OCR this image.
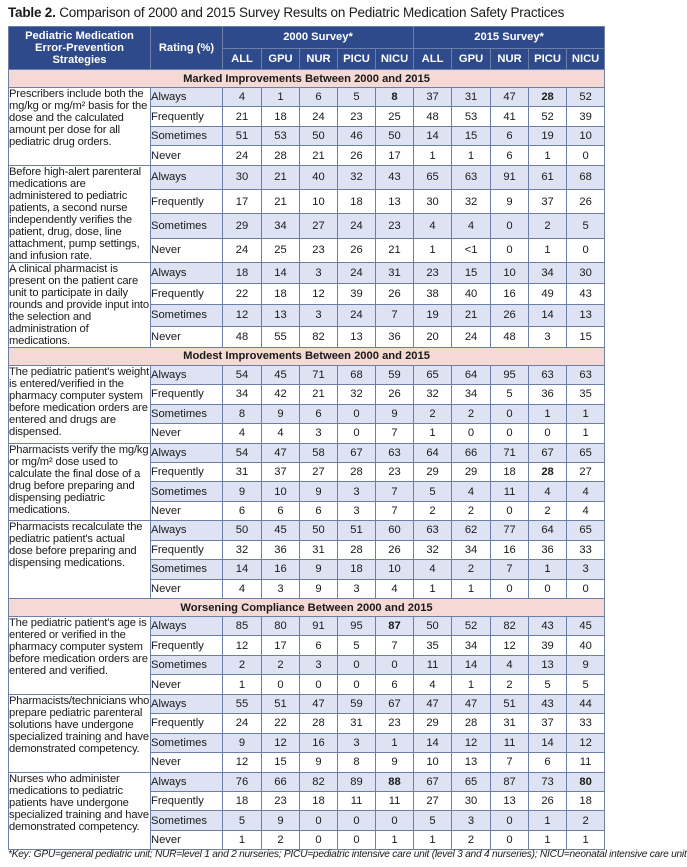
Table 2. Comparison of 2000 and 2015 Survey Results on Pediatric Medication Safety Practices
Pediatric Medication
Error-Prevention Strategies	Rating (%)	2000 Survey*					2015 Survey*				
		ALL	GPU	NUR	PICU	NICU	ALL	GPU	NUR	PICU	NICU
Marked Improvements Between 2000 and 2015											
Prescribers include both the mg/kg or mg/m² basis for the dose and the calculated amount per dose for all pediatric drug orders.	Always	4	1	6	5	8	37	31	47	28	52
	Frequently	21	18	24	23	25	48	53	41	52	39
	Sometimes	51	53	50	46	50	14	15	6	19	10
	Never	24	28	21	26	17	1	1	6	1	0
Before high-alert parenteral medications are administered to pediatric patients, a second nurse independently verifies the patient, drug, dose, line attachment, pump settings, and infusion rate.	Always	30	21	40	32	43	65	63	91	61	68
	Frequently	17	21	10	18	13	30	32	9	37	26
	Sometimes	29	34	27	24	23	4	4	0	2	5
	Never	24	25	23	26	21	1	<1	0	1	0
A clinical pharmacist is present on the patient care unit to participate in daily rounds and provide input into the selection and administration of medications.	Always	18	14	3	24	31	23	15	10	34	30
	Frequently	22	18	12	39	26	38	40	16	49	43
	Sometimes	12	13	3	24	7	19	21	26	14	13
	Never	48	55	82	13	36	20	24	48	3	15
Modest Improvements Between 2000 and 2015											
The pediatric patient's weight is entered/verified in the pharmacy computer system before medication orders are entered and drugs are dispensed.	Always	54	45	71	68	59	65	64	95	63	63
	Frequently	34	42	21	32	26	32	34	5	36	35
	Sometimes	8	9	6	0	9	2	2	0	1	1
	Never	4	4	3	0	7	1	0	0	0	1
Pharmacists verify the mg/kg or mg/m² dose used to calculate the final dose of a drug before preparing and dispensing pediatric medications.	Always	54	47	58	67	63	64	66	71	67	65
	Frequently	31	37	27	28	23	29	29	18	28	27
	Sometimes	9	10	9	3	7	5	4	11	4	4
	Never	6	6	6	3	7	2	2	0	2	4
Pharmacists recalculate the pediatric patient's actual dose before preparing and dispensing medications.	Always	50	45	50	51	60	63	62	77	64	65
	Frequently	32	36	31	28	26	32	34	16	36	33
	Sometimes	14	16	9	18	10	4	2	7	1	3
	Never	4	3	9	3	4	1	1	0	0	0
Worsening Compliance Between 2000 and 2015											
The pediatric patient's age is entered or verified in the pharmacy computer system before medication orders are entered and verified.	Always	85	80	91	95	87	50	52	82	43	45
	Frequently	12	17	6	5	7	35	34	12	39	40
	Sometimes	2	2	3	0	0	11	14	4	13	9
	Never	1	0	0	0	6	4	1	2	5	5
Pharmacists/technicians who prepare pediatric parenteral solutions have undergone specialized training and have demonstrated competency.	Always	55	51	47	59	67	47	47	51	43	44
	Frequently	24	22	28	31	23	29	28	31	37	33
	Sometimes	9	12	16	3	1	14	12	11	14	12
	Never	12	15	9	8	9	10	13	7	6	11
Nurses who administer medications to pediatric patients have undergone specialized training and have demonstrated competency.	Always	76	66	82	89	88	67	65	87	73	80
	Frequently	18	23	18	11	11	27	30	13	26	18
	Sometimes	5	9	0	0	0	5	3	0	1	2
	Never	1	2	0	0	1	1	2	0	1	1
*Key: GPU=general pediatric unit; NUR=level 1 and 2 nurseries; PICU=pediatric intensive care unit (level 3 and 4 nurseries); NICU=neonatal intensive care unit
